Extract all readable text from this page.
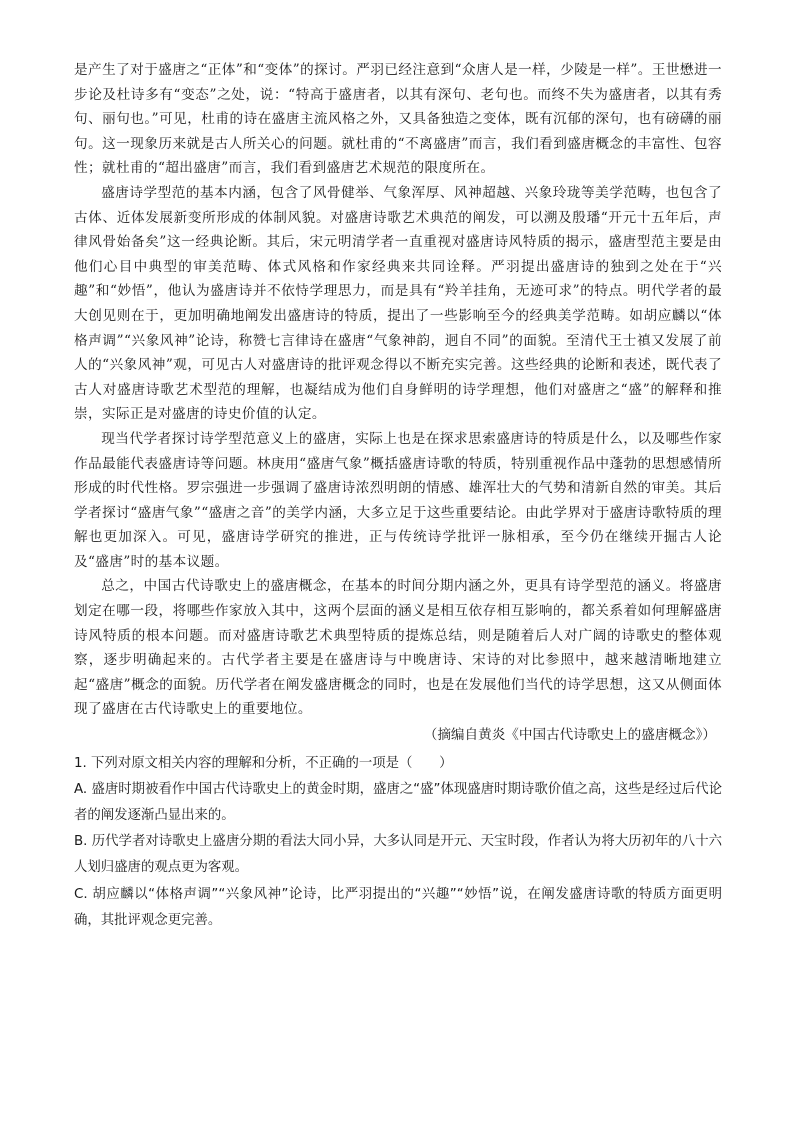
是产生了对于盛唐之“正体”和“变体”的探讨。严羽已经注意到“众唐人是一样，少陵是一样”。王世懋进一步论及杜诗多有“变态”之处，说：“特高于盛唐者，以其有深句、老句也。而终不失为盛唐者，以其有秀句、丽句也。”可见，杜甫的诗在盛唐主流风格之外，又具备独造之变体，既有沉郁的深句，也有磅礴的丽句。这一现象历来就是古人所关心的问题。就杜甫的“不离盛唐”而言，我们看到盛唐概念的丰富性、包容性；就杜甫的“超出盛唐”而言，我们看到盛唐艺术规范的限度所在。

盛唐诗学型范的基本内涵，包含了风骨健举、气象浑厚、风神超越、兴象玲珑等美学范畴，也包含了古体、近体发展新变所形成的体制风貌。对盛唐诗歌艺术典范的阐发，可以溯及殷璠“开元十五年后，声律风骨始备矣”这一经典论断。其后，宋元明清学者一直重视对盛唐诗风特质的揭示，盛唐型范主要是由他们心目中典型的审美范畴、体式风格和作家经典来共同诠释。严羽提出盛唐诗的独到之处在于“兴趣”和“妙悟”，他认为盛唐诗并不依恃学理思力，而是具有“羚羊挂角，无迹可求”的特点。明代学者的最大创见则在于，更加明确地阐发出盛唐诗的特质，提出了一些影响至今的经典美学范畴。如胡应麟以“体格声调”“兴象风神”论诗，称赞七言律诗在盛唐“气象神韵，迥自不同”的面貌。至清代王士禛又发展了前人的“兴象风神”观，可见古人对盛唐诗的批评观念得以不断充实完善。这些经典的论断和表述，既代表了古人对盛唐诗歌艺术型范的理解，也凝结成为他们自身鲜明的诗学理想，他们对盛唐之“盛”的解释和推崇，实际正是对盛唐的诗史价值的认定。

现当代学者探讨诗学型范意义上的盛唐，实际上也是在探求思索盛唐诗的特质是什么，以及哪些作家作品最能代表盛唐诗等问题。林庚用“盛唐气象”概括盛唐诗歌的特质，特别重视作品中蓬勃的思想感情所形成的时代性格。罗宗强进一步强调了盛唐诗浓烈明朗的情感、雄浑壮大的气势和清新自然的审美。其后学者探讨“盛唐气象”“盛唐之音”的美学内涵，大多立足于这些重要结论。由此学界对于盛唐诗歌特质的理解也更加深入。可见，盛唐诗学研究的推进，正与传统诗学批评一脉相承，至今仍在继续开掘古人论及“盛唐”时的基本议题。

总之，中国古代诗歌史上的盛唐概念，在基本的时间分期内涵之外，更具有诗学型范的涵义。将盛唐划定在哪一段，将哪些作家放入其中，这两个层面的涵义是相互依存相互影响的，都关系着如何理解盛唐诗风特质的根本问题。而对盛唐诗歌艺术典型特质的提炼总结，则是随着后人对广阔的诗歌史的整体观察，逐步明确起来的。古代学者主要是在盛唐诗与中晚唐诗、宋诗的对比参照中，越来越清晰地建立起“盛唐”概念的面貌。历代学者在阐发盛唐概念的同时，也是在发展他们当代的诗学思想，这又从侧面体现了盛唐在古代诗歌史上的重要地位。

（摘编自黄炎《中国古代诗歌史上的盛唐概念》）

1. 下列对原文相关内容的理解和分析，不正确的一项是（　　）

A. 盛唐时期被看作中国古代诗歌史上的黄金时期，盛唐之“盛”体现盛唐时期诗歌价值之高，这些是经过后代论者的阐发逐渐凸显出来的。

B. 历代学者对诗歌史上盛唐分期的看法大同小异，大多认同是开元、天宝时段，作者认为将大历初年的八十六人划归盛唐的观点更为客观。

C. 胡应麟以“体格声调”“兴象风神”论诗，比严羽提出的“兴趣”“妙悟”说，在阐发盛唐诗歌的特质方面更明确，其批评观念更完善。
